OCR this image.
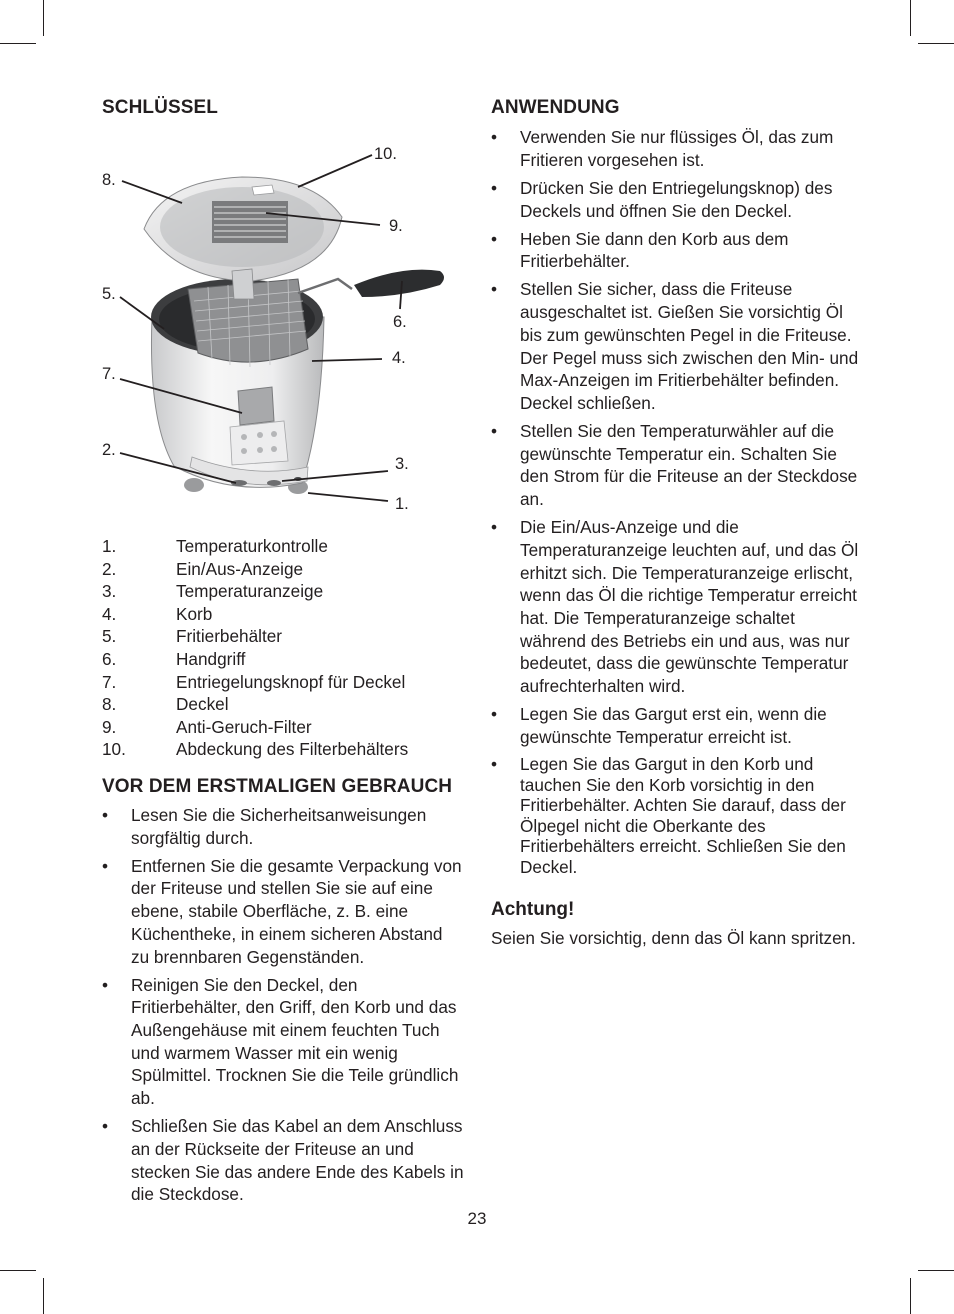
SCHLÜSSEL
8.
10.
9.
5.
6.
4.
7.
2.
3.
1.
1.	Temperaturkontrolle
2.	Ein/Aus-Anzeige
3.	Temperaturanzeige
4.	Korb
5.	Fritierbehälter
6.	Handgriff
7.	Entriegelungsknopf für Deckel
8.	Deckel
9.	Anti-Geruch-Filter
10.	Abdeckung des Filterbehälters
VOR DEM ERSTMALIGEN GEBRAUCH
• Lesen Sie die Sicherheitsanweisungen sorgfältig durch.
• Entfernen Sie die gesamte Verpackung von der Friteuse und stellen Sie sie auf eine ebene, stabile Oberfläche, z. B. eine Küchentheke, in einem sicheren Abstand zu brennbaren Gegenständen.
• Reinigen Sie den Deckel, den Fritierbehälter, den Griff, den Korb und das Außengehäuse mit einem feuchten Tuch und warmem Wasser mit ein wenig Spülmittel. Trocknen Sie die Teile gründlich ab.
• Schließen Sie das Kabel an dem Anschluss an der Rückseite der Friteuse an und stecken Sie das andere Ende des Kabels in die Steckdose.
ANWENDUNG
• Verwenden Sie nur flüssiges Öl, das zum Fritieren vorgesehen ist.
• Drücken Sie den Entriegelungsknop) des Deckels und öffnen Sie den Deckel.
• Heben Sie dann den Korb aus dem Fritierbehälter.
• Stellen Sie sicher, dass die Friteuse ausgeschaltet ist. Gießen Sie vorsichtig Öl bis zum gewünschten Pegel in die Friteuse. Der Pegel muss sich zwischen den Min- und Max-Anzeigen im Fritierbehälter befinden. Deckel schließen.
• Stellen Sie den Temperaturwähler auf die gewünschte Temperatur ein. Schalten Sie den Strom für die Friteuse an der Steckdose an.
• Die Ein/Aus-Anzeige und die Temperaturanzeige leuchten auf, und das Öl erhitzt sich. Die Temperaturanzeige erlischt, wenn das Öl die richtige Temperatur erreicht hat. Die Temperaturanzeige schaltet während des Betriebs ein und aus, was nur bedeutet, dass die gewünschte Temperatur aufrechterhalten wird.
• Legen Sie das Gargut erst ein, wenn die gewünschte Temperatur erreicht ist.
• Legen Sie das Gargut in den Korb und tauchen Sie den Korb vorsichtig in den Fritierbehälter. Achten Sie darauf, dass der Ölpegel nicht die Oberkante des Fritierbehälters erreicht. Schließen Sie den Deckel.
Achtung!
Seien Sie vorsichtig, denn das Öl kann spritzen.
23
